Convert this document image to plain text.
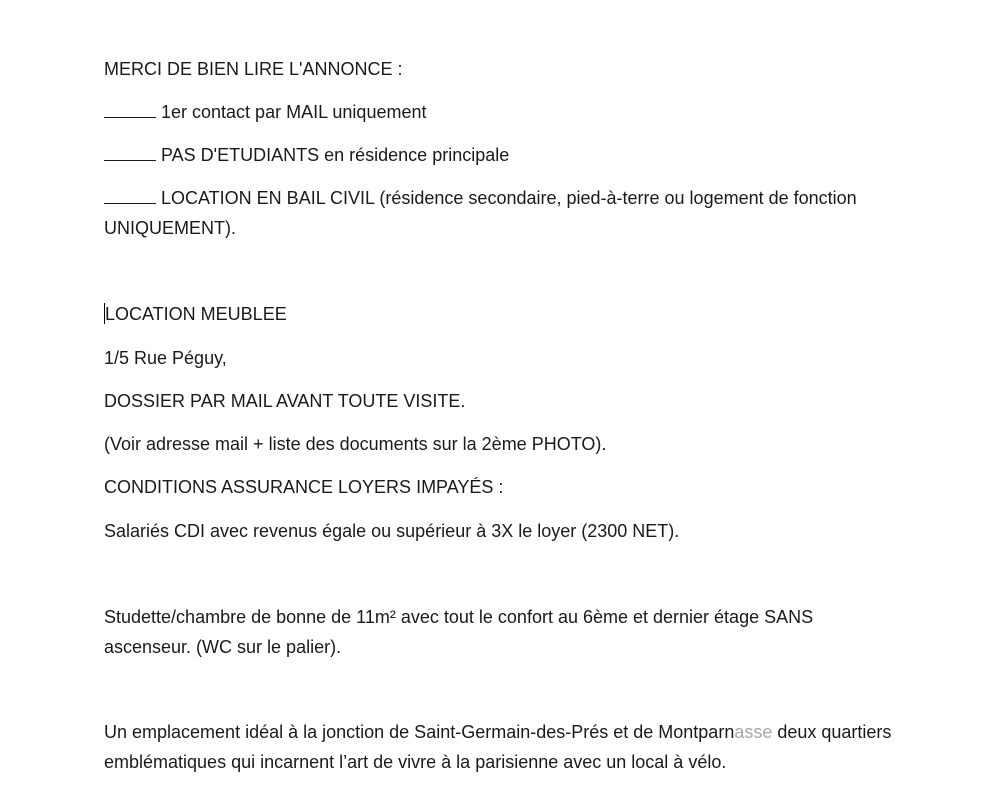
MERCI DE BIEN LIRE L'ANNONCE :

1er contact par MAIL uniquement

PAS D'ETUDIANTS en résidence principale

LOCATION EN BAIL CIVIL (résidence secondaire, pied-à-terre ou logement de fonction UNIQUEMENT).

LOCATION MEUBLEE

1/5 Rue Péguy,

DOSSIER PAR MAIL AVANT TOUTE VISITE.

(Voir adresse mail + liste des documents sur la 2ème PHOTO).

CONDITIONS ASSURANCE LOYERS IMPAYÉS :

Salariés CDI avec revenus égale ou supérieur à 3X le loyer (2300 NET).

Studette/chambre de bonne de 11m² avec tout le confort au 6ème et dernier étage SANS ascenseur. (WC sur le palier).

Un emplacement idéal à la jonction de Saint-Germain-des-Prés et de Montparnasse deux quartiers emblématiques qui incarnent l’art de vivre à la parisienne avec un local à vélo.
